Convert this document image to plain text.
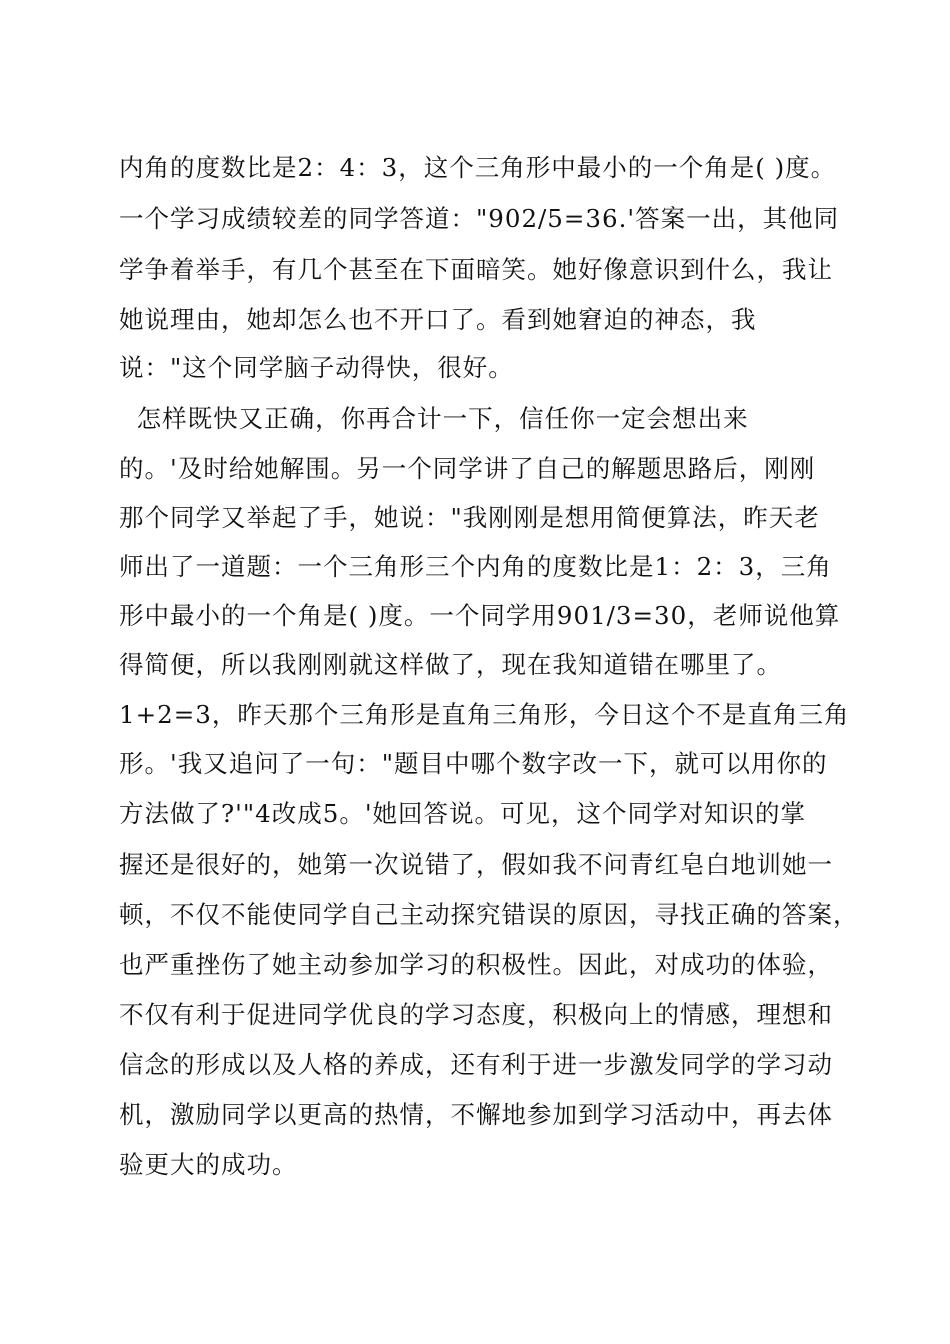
内角的度数比是2：4：3，这个三角形中最小的一个角是( )度。
一个学习成绩较差的同学答道："902/5=36.'答案一出，其他同
学争着举手，有几个甚至在下面暗笑。她好像意识到什么，我让
她说理由，她却怎么也不开口了。看到她窘迫的神态，我
说："这个同学脑子动得快，很好。
怎样既快又正确，你再合计一下，信任你一定会想出来
的。'及时给她解围。另一个同学讲了自己的解题思路后，刚刚
那个同学又举起了手，她说："我刚刚是想用简便算法，昨天老
师出了一道题：一个三角形三个内角的度数比是1：2：3，三角
形中最小的一个角是( )度。一个同学用901/3=30，老师说他算
得简便，所以我刚刚就这样做了，现在我知道错在哪里了。
1+2=3，昨天那个三角形是直角三角形，今日这个不是直角三角
形。'我又追问了一句："题目中哪个数字改一下，就可以用你的
方法做了?'"4改成5。'她回答说。可见，这个同学对知识的掌
握还是很好的，她第一次说错了，假如我不问青红皂白地训她一
顿，不仅不能使同学自己主动探究错误的原因，寻找正确的答案，
也严重挫伤了她主动参加学习的积极性。因此，对成功的体验，
不仅有利于促进同学优良的学习态度，积极向上的情感，理想和
信念的形成以及人格的养成，还有利于进一步激发同学的学习动
机，激励同学以更高的热情，不懈地参加到学习活动中，再去体
验更大的成功。
